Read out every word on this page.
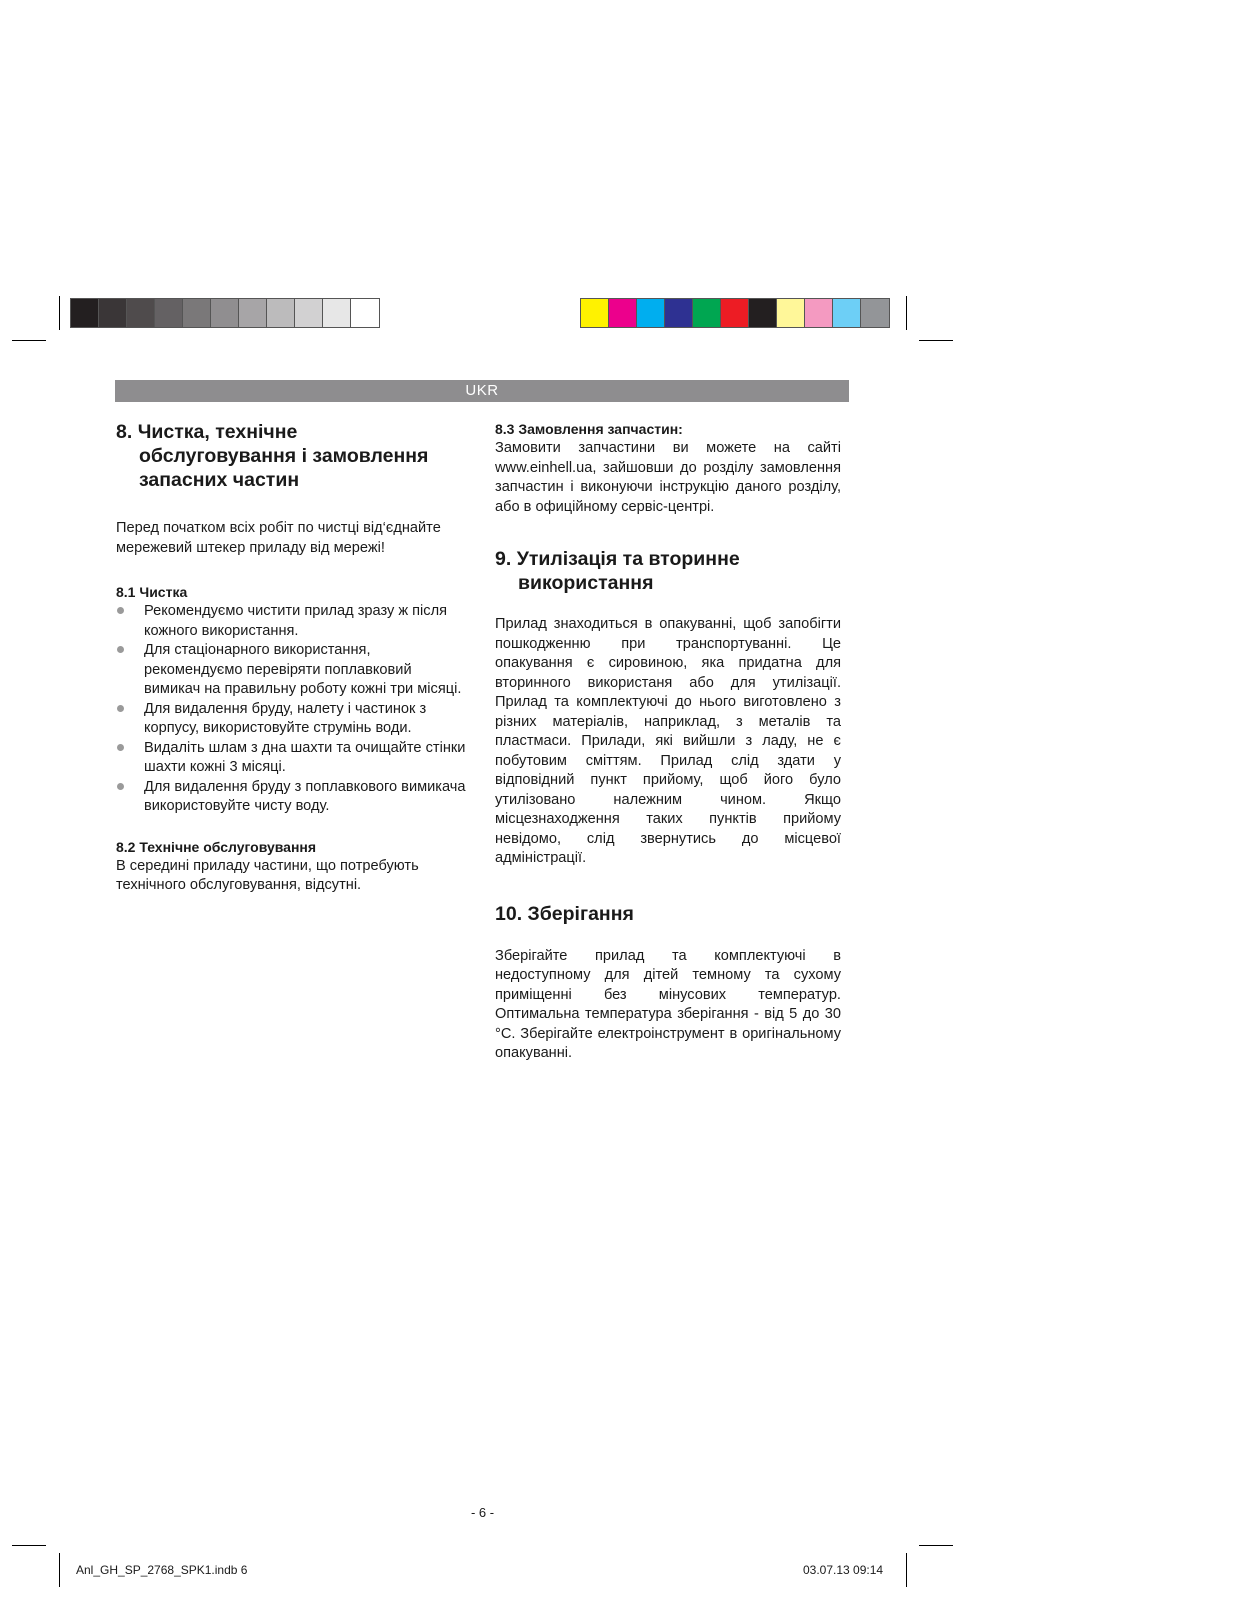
UKR
8. Чистка, технічне
обслуговування і замовлення
запасних частин

Перед початком всіх робіт по чистці від‘єднайте мережевий штекер приладу від мережі!

8.1 Чистка
Рекомендуємо чистити прилад зразу ж після кожного використання.
Для стаціонарного використання, рекомендуємо перевіряти поплавковий вимикач на правильну роботу кожні три місяці.
Для видалення бруду, налету і частинок з корпусу, використовуйте струмінь води.
Видаліть шлам з дна шахти та очищайте стінки шахти кожні 3 місяці.
Для видалення бруду з поплавкового вимикача використовуйте чисту воду.
8.2 Технічне обслуговування

В середині приладу частини, що потребують технічного обслуговування, відсутні.

8.3 Замовлення запчастин:

Замовити запчастини ви можете на сайті www.einhell.ua, зайшовши до розділу замовлення запчастин і виконуючи інструкцію даного розділу, або в офиційному сервіс-центрі.

9. Утилізація та вторинне
використання

Прилад знаходиться в опакуванні, щоб запобігти пошкодженню при транспортуванні. Це опакування є сировиною, яка придатна для вторинного використаня або для утилізації. Прилад та комплектуючі до нього виготовлено з різних матеріалів, наприклад, з металів та пластмаси. Прилади, які вийшли з ладу, не є побутовим сміттям. Прилад слід здати у відповідний пункт прийому, щоб його було утилізовано належним чином. Якщо місцезнаходження таких пунктів прийому невідомо, слід звернутись до місцевої адміністрації.

10. Зберігання

Зберігайте прилад та комплектуючі в недоступному для дітей темному та сухому приміщенні без мінусових температур. Оптимальна температура зберігання - від 5 до 30 °C. Зберігайте електроінструмент в оригінальному опакуванні.

- 6 -
Anl_GH_SP_2768_SPK1.indb 6	03.07.13 09:14
